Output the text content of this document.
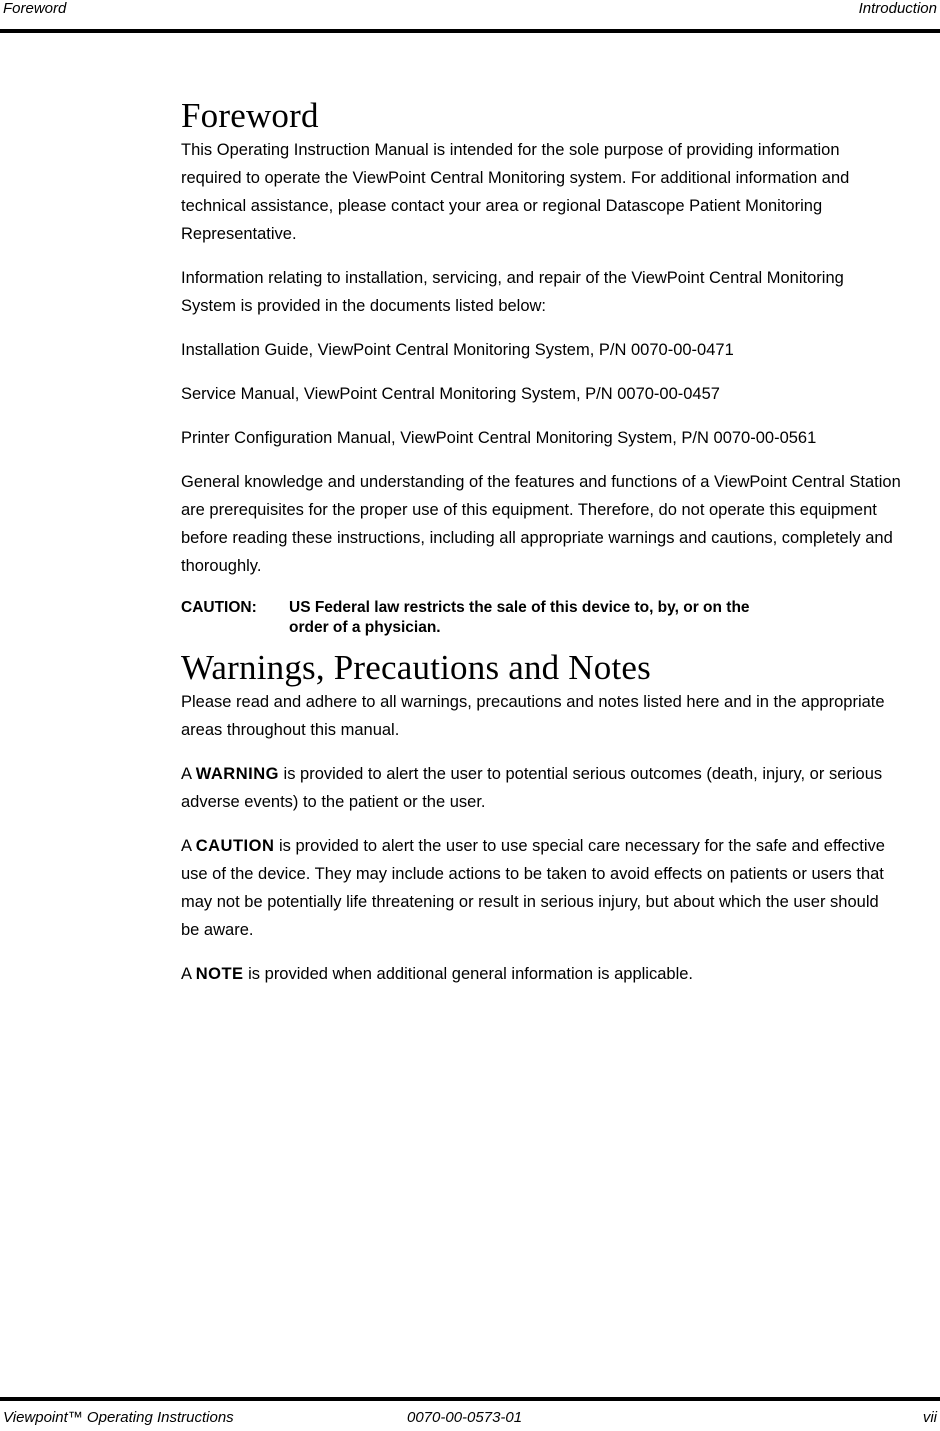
Foreword	Introduction
Foreword

This Operating Instruction Manual is intended for the sole purpose of providing information required to operate the ViewPoint Central Monitoring system. For additional information and technical assistance, please contact your area or regional Datascope Patient Monitoring Representative.

Information relating to installation, servicing, and repair of the ViewPoint Central Monitoring System is provided in the documents listed below:

Installation Guide, ViewPoint Central Monitoring System, P/N 0070-00-0471

Service Manual, ViewPoint Central Monitoring System, P/N 0070-00-0457

Printer Configuration Manual, ViewPoint Central Monitoring System, P/N 0070-00-0561

General knowledge and understanding of the features and functions of a ViewPoint Central Station are prerequisites for the proper use of this equipment. Therefore, do not operate this equipment before reading these instructions, including all appropriate warnings and cautions, completely and thoroughly.

CAUTION:	US Federal law restricts the sale of this device to, by, or on the order of a physician.
Warnings, Precautions and Notes

Please read and adhere to all warnings, precautions and notes listed here and in the appropriate areas throughout this manual.

A WARNING is provided to alert the user to potential serious outcomes (death, injury, or serious adverse events) to the patient or the user.

A CAUTION is provided to alert the user to use special care necessary for the safe and effective use of the device. They may include actions to be taken to avoid effects on patients or users that may not be potentially life threatening or result in serious injury, but about which the user should be aware.

A NOTE is provided when additional general information is applicable.

Viewpoint™ Operating Instructions	0070-00-0573-01	vii
